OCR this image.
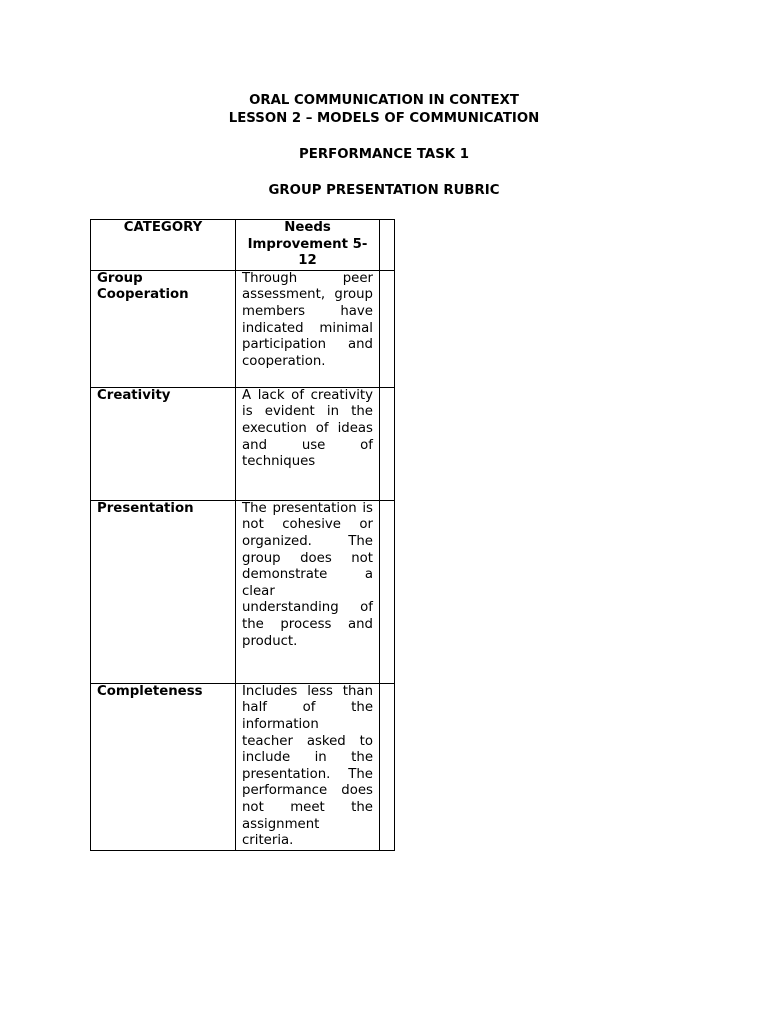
ORAL COMMUNICATION IN CONTEXT

LESSON 2 – MODELS OF COMMUNICATION

PERFORMANCE TASK 1

GROUP PRESENTATION RUBRIC

CATEGORY	Needs Improvement 5-12	
Group Cooperation	Through peer assessment, group members have indicated minimal participation and cooperation.	
Creativity	A lack of creativity is evident in the execution of ideas and use of techniques	
Presentation	The presentation is not cohesive or organized. The group does not demonstrate a clear understanding of the process and product.	
Completeness	Includes less than half of the information teacher asked to include in the presentation. The performance does not meet the assignment criteria.	
